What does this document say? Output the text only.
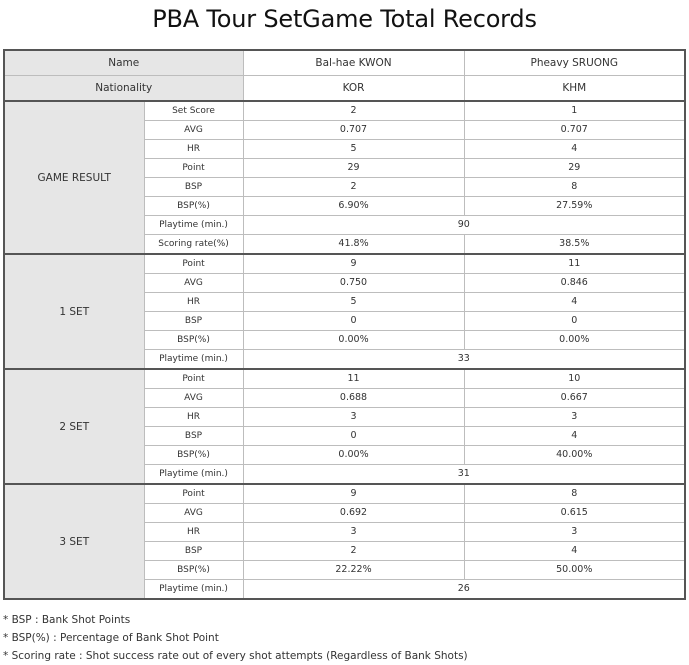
PBA Tour SetGame Total Records
Name		Bal-hae KWON	Pheavy SRUONG
Nationality		KOR	KHM
GAME RESULT	Set Score	2	1
	AVG	0.707	0.707
	HR	5	4
	Point	29	29
	BSP	2	8
	BSP(%)	6.90%	27.59%
	Playtime (min.)	90	
	Scoring rate(%)	41.8%	38.5%
1 SET	Point	9	11
	AVG	0.750	0.846
	HR	5	4
	BSP	0	0
	BSP(%)	0.00%	0.00%
	Playtime (min.)	33	
2 SET	Point	11	10
	AVG	0.688	0.667
	HR	3	3
	BSP	0	4
	BSP(%)	0.00%	40.00%
	Playtime (min.)	31	
3 SET	Point	9	8
	AVG	0.692	0.615
	HR	3	3
	BSP	2	4
	BSP(%)	22.22%	50.00%
	Playtime (min.)	26	
* BSP : Bank Shot Points
* BSP(%) : Percentage of Bank Shot Point
* Scoring rate : Shot success rate out of every shot attempts (Regardless of Bank Shots)
